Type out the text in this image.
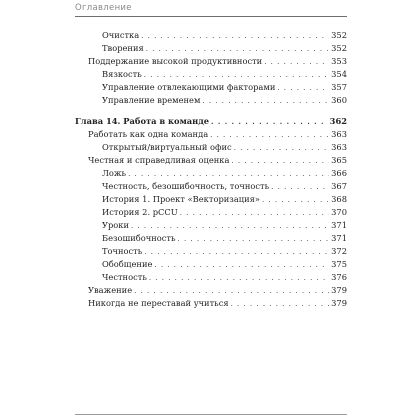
Оглавление
Очистка . . .	352
Творения . . .	352
Поддержание высокой продуктивности . . .	353
Вязкость . . .	354
Управление отвлекающими факторами . . .	357
Управление временем . . .	360
Глава 14. Работа в команде . . .	362
Работать как одна команда . . .	363
Открытый/виртуальный офис . . .	363
Честная и справедливая оценка . . .	365
Ложь . . .	366
Честность, безошибочность, точность . . .	367
История 1. Проект «Векторизация» . . .	368
История 2. pCCU . . .	370
Уроки . . .	371
Безошибочность . . .	371
Точность . . .	372
Обобщение . . .	375
Честность . . .	376
Уважение . . .	379
Никогда не переставай учиться . . .	379
